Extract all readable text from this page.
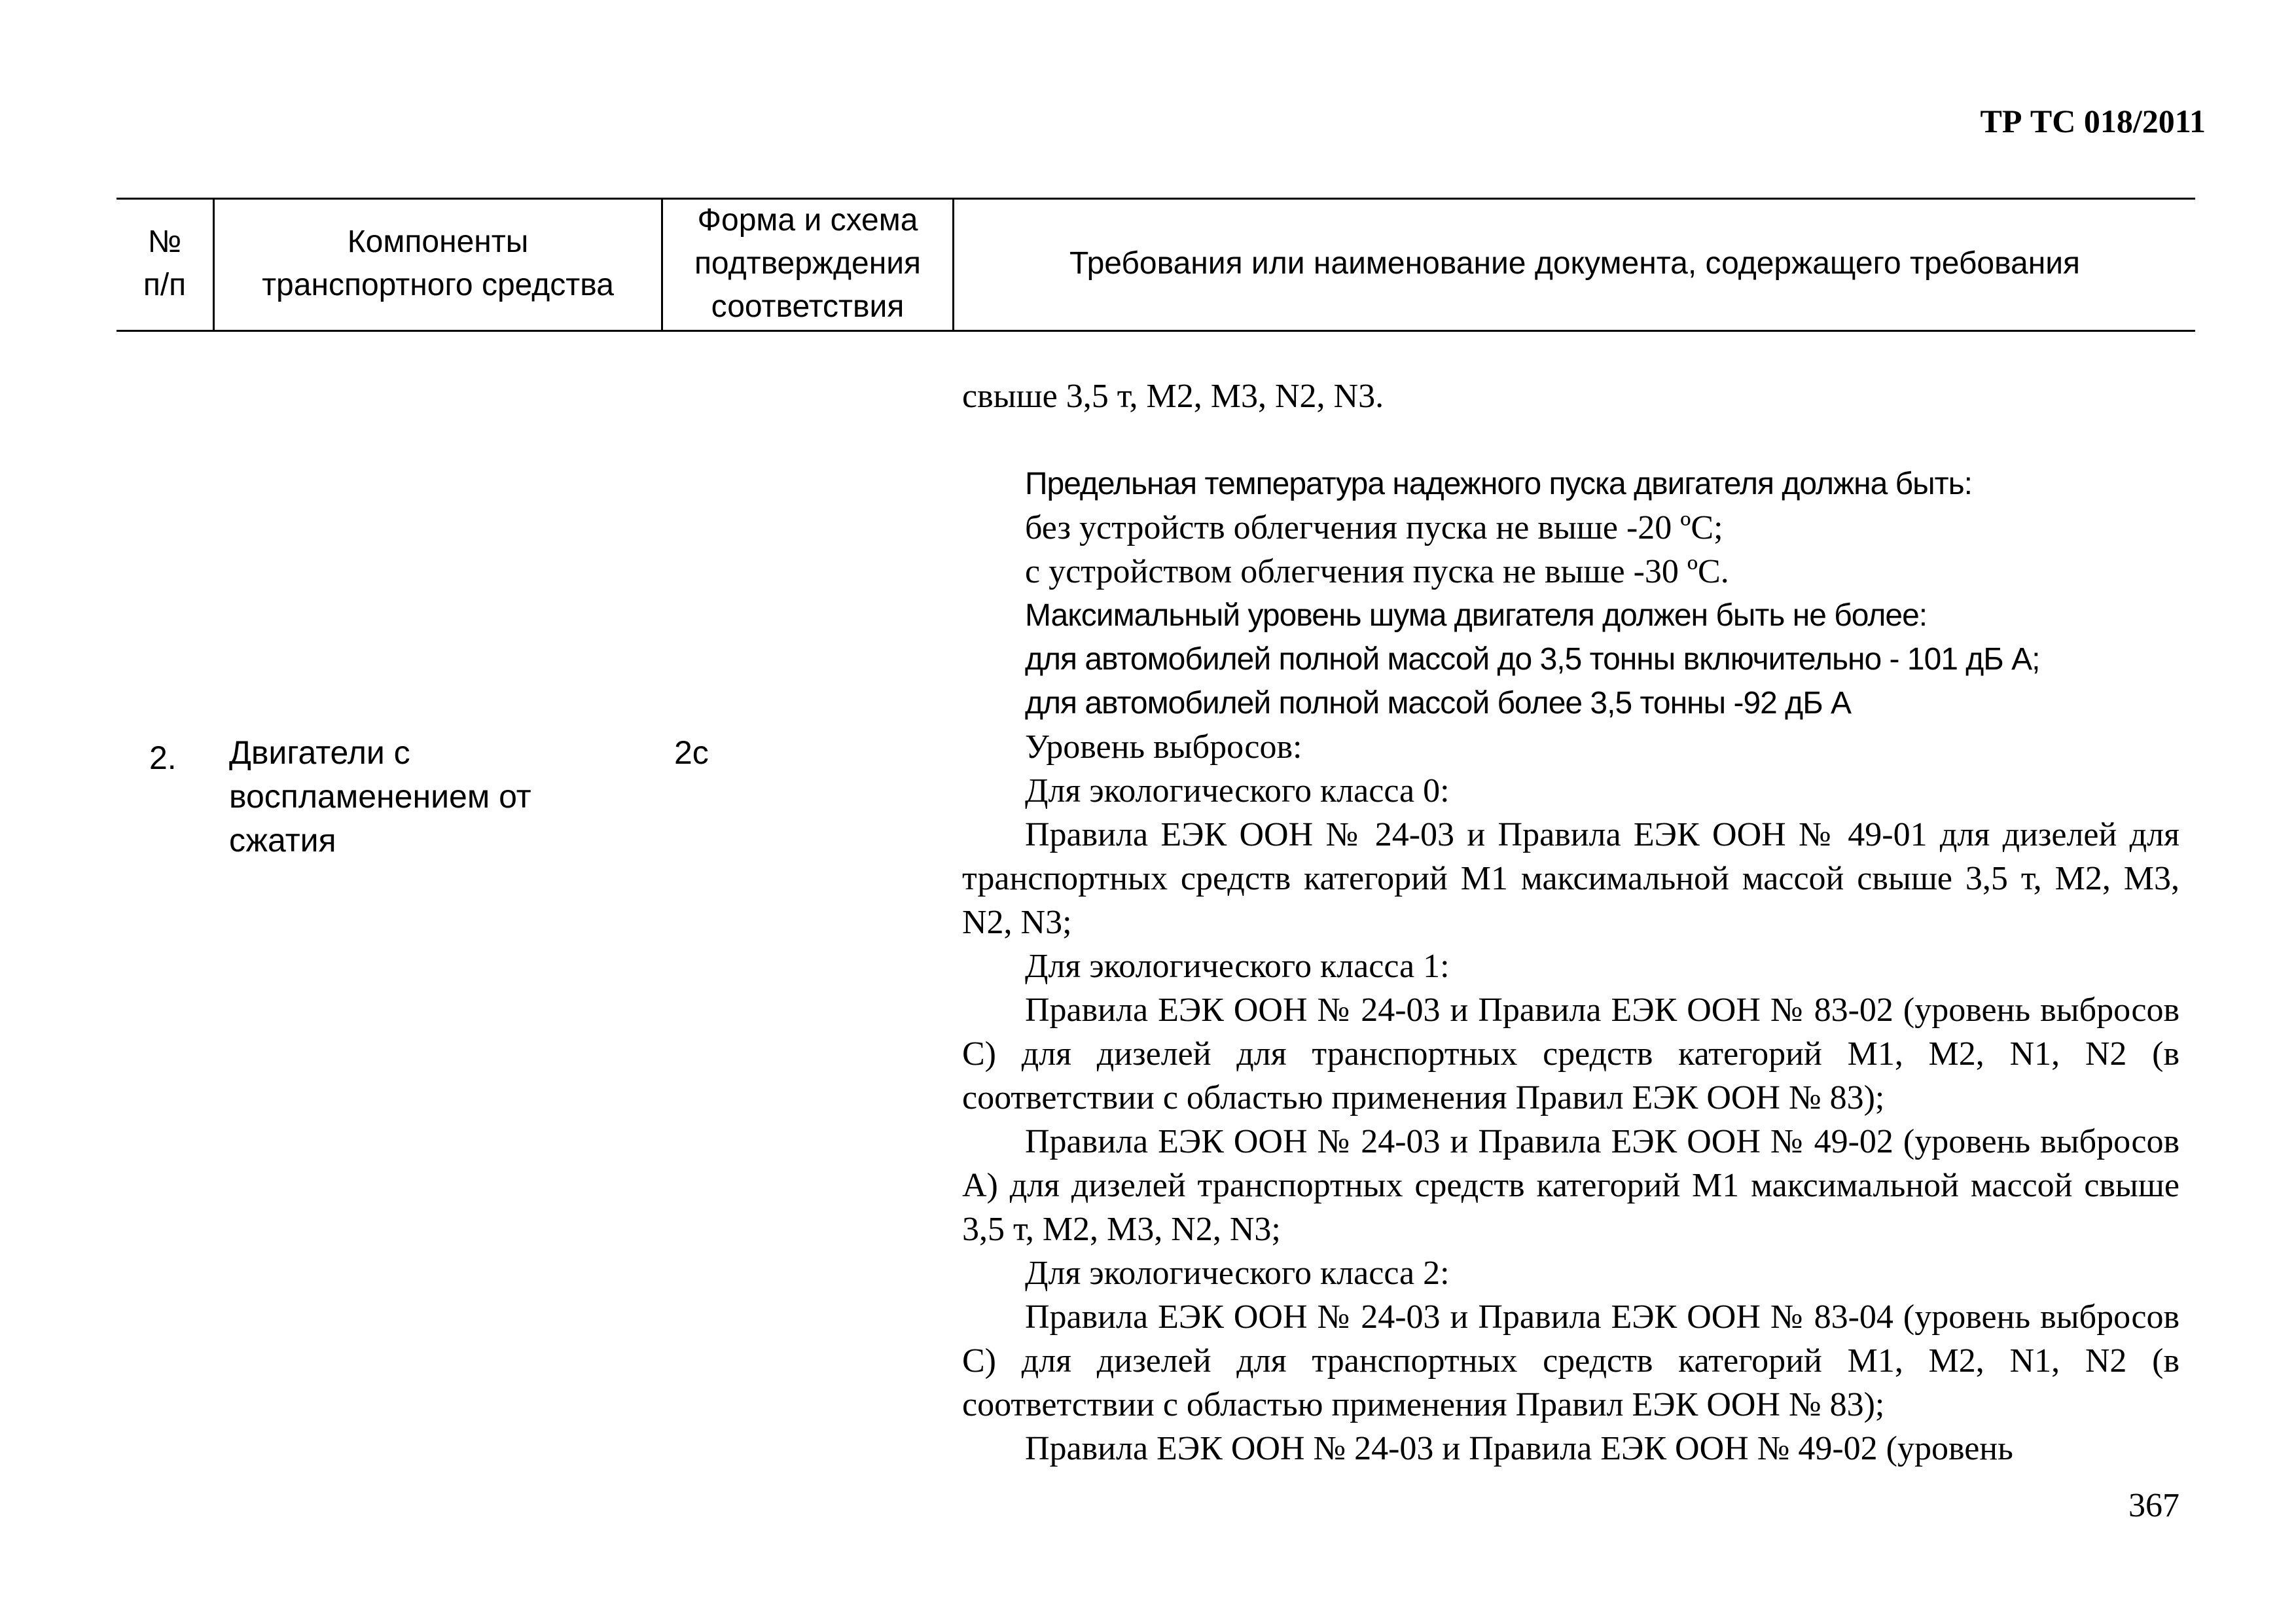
ТР ТС 018/2011
№
п/п
Компоненты
транспортного средства
Форма и схема
подтверждения
соответствия
Требования или наименование документа, содержащего требования
2. Двигатели с
воспламенением от
сжатия
2с

свыше 3,5 т, M2, M3, N2, N3.

Предельная температура надежного пуска двигателя должна быть:

без устройств облегчения пуска не выше -20 ºС;

с устройством облегчения пуска не выше -30 ºС.

Максимальный уровень шума двигателя должен быть не более:

для автомобилей полной массой до 3,5 тонны включительно - 101 дБ А;

для автомобилей полной массой более 3,5 тонны -92 дБ А

Уровень выбросов:

Для экологического класса 0:

Правила ЕЭК ООН № 24-03 и Правила ЕЭК ООН № 49-01 для дизелей для транспортных средств категорий M1 максимальной массой свыше 3,5 т, M2, M3, N2, N3;

Для экологического класса 1:

Правила ЕЭК ООН № 24-03 и Правила ЕЭК ООН № 83-02 (уровень выбросов С) для дизелей для транспортных средств категорий M1, M2, N1, N2 (в соответствии с областью применения Правил ЕЭК ООН № 83);

Правила ЕЭК ООН № 24-03 и Правила ЕЭК ООН № 49-02 (уровень выбросов А) для дизелей транспортных средств категорий M1 максимальной массой свыше 3,5 т, M2, M3, N2, N3;

Для экологического класса 2:

Правила ЕЭК ООН № 24-03 и Правила ЕЭК ООН № 83-04 (уровень выбросов С) для дизелей для транспортных средств категорий M1, M2, N1, N2 (в соответствии с областью применения Правил ЕЭК ООН № 83);

Правила ЕЭК ООН № 24-03 и Правила ЕЭК ООН № 49-02 (уровень

367
